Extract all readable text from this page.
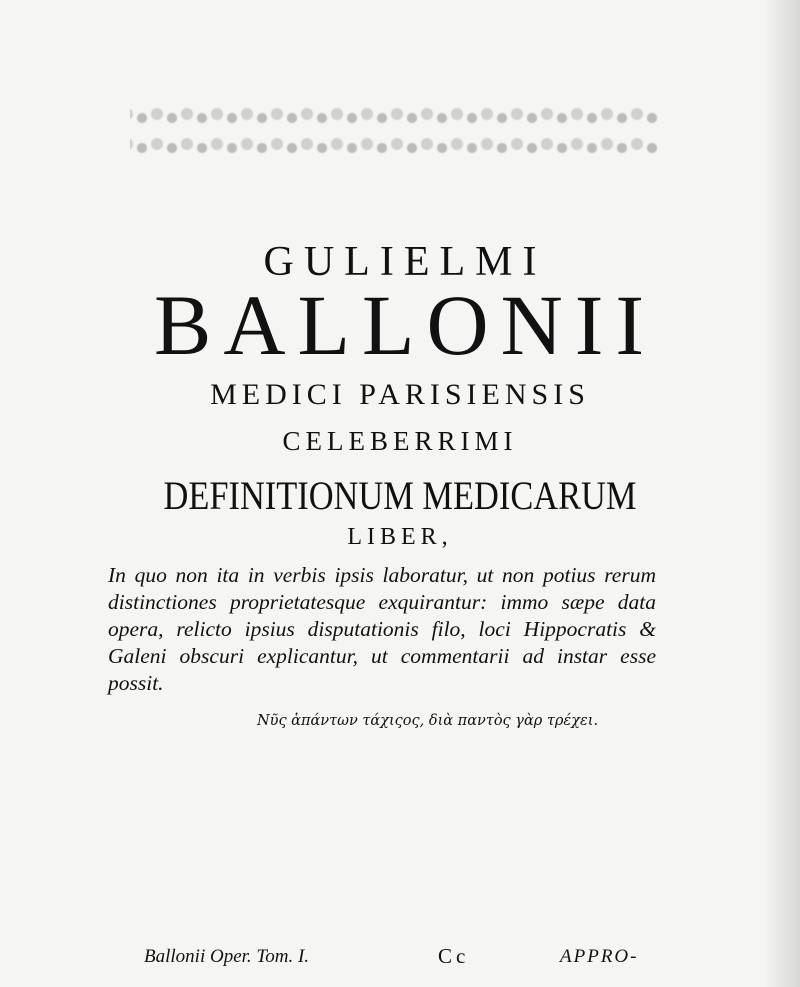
GULIELMI
BALLONII
MEDICI PARISIENSIS
CELEBERRIMI
DEFINITIONUM MEDICARUM
LIBER,
In quo non ita in verbis ipsis laboratur, ut non potius rerum distinctiones proprietatesque exquirantur: immo sæpe data opera, relicto ipsius disputationis filo, loci Hippocratis & Galeni obscuri explicantur, ut commentarii ad instar esse possit.
Νῦς ἁπάντων τάχιςος, διὰ παντὸς γὰρ τρέχει.
Ballonii Oper. Tom. I.	Cc	APPRO-
